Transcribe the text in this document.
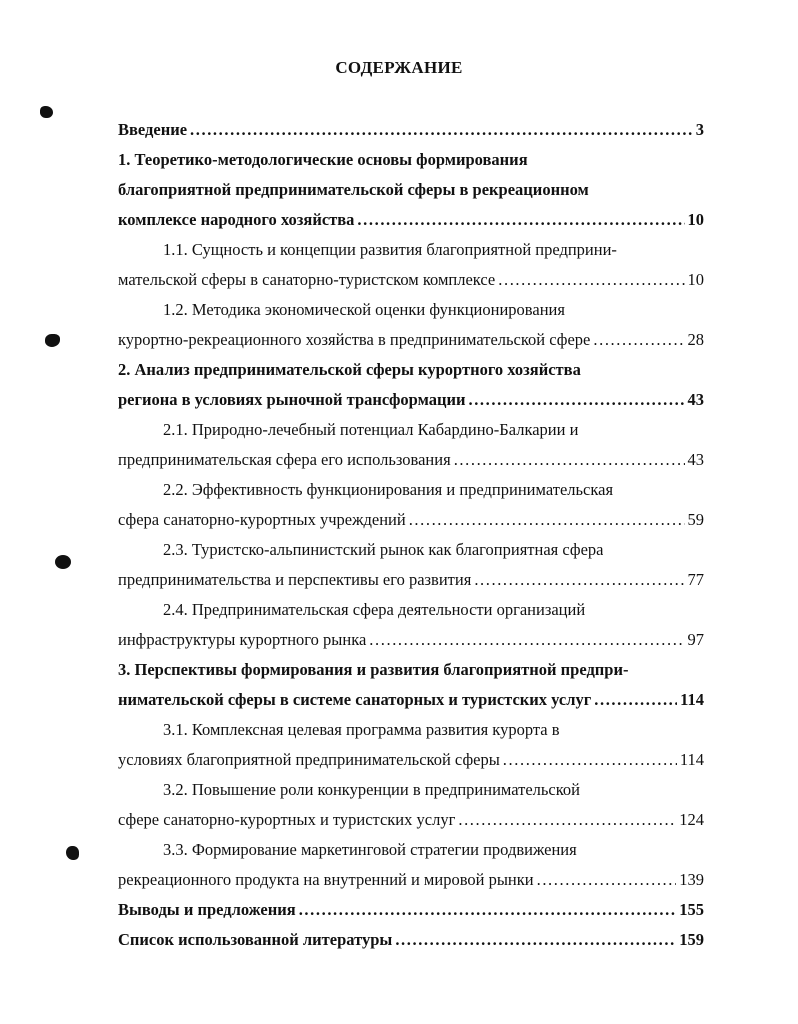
СОДЕРЖАНИЕ
Введение .....	3
1. Теоретико-методологические основы формирования
благоприятной предпринимательской сферы в рекреационном
комплексе народного хозяйства .....	10
1.1. Сущность и концепции развития благоприятной предприни-
мательской сферы в санаторно-туристском комплексе .....	10
1.2. Методика экономической оценки функционирования
курортно-рекреационного хозяйства в предпринимательской сфере .....	28
2. Анализ предпринимательской сферы курортного хозяйства
региона в условиях рыночной трансформации .....	43
2.1. Природно-лечебный потенциал Кабардино-Балкарии и
предпринимательская сфера его использования .....	43
2.2. Эффективность функционирования и предпринимательская
сфера санаторно-курортных учреждений .....	59
2.3. Туристско-альпинистский рынок как благоприятная сфера
предпринимательства и перспективы его развития .....	77
2.4. Предпринимательская сфера деятельности организаций
инфраструктуры курортного рынка .....	97
3. Перспективы формирования и развития благоприятной предпри-
нимательской сферы в системе санаторных и туристских услуг .....	114
3.1. Комплексная целевая программа развития курорта в
условиях благоприятной предпринимательской сферы .....	114
3.2. Повышение роли конкуренции в предпринимательской
сфере санаторно-курортных и туристских услуг .....	124
3.3. Формирование маркетинговой стратегии продвижения
рекреационного продукта на внутренний и мировой рынки .....	139
Выводы и предложения .....	155
Список использованной литературы .....	159
